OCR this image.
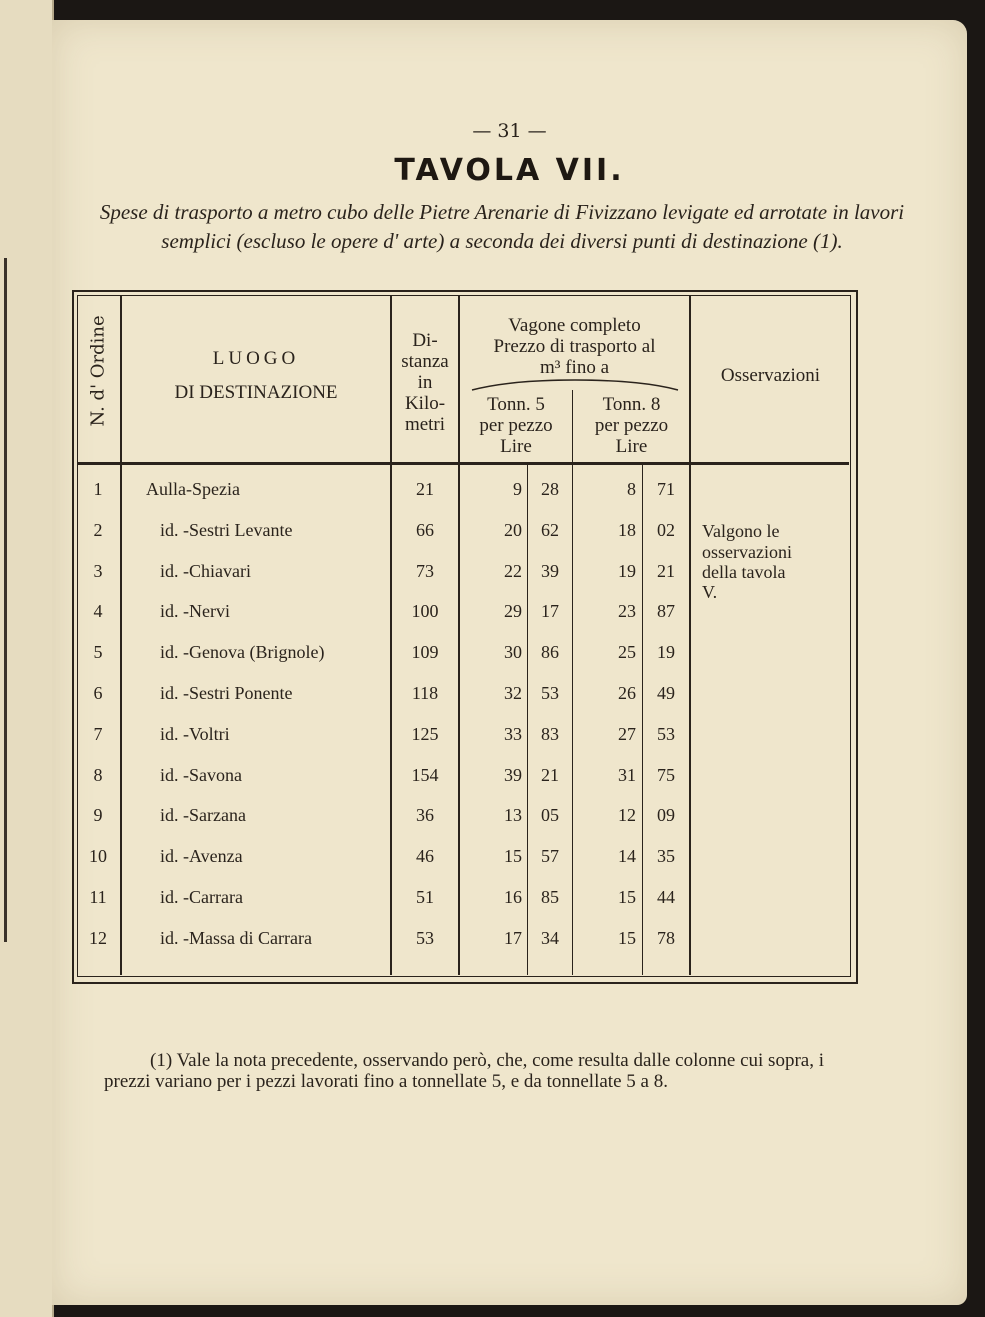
— 31 —
TAVOLA VII.
Spese di trasporto a metro cubo delle Pietre Arenarie di Fivizzano levigate ed arrotate in lavori semplici (escluso le opere d' arte) a seconda dei diversi punti di destinazione (1).
N. d' Ordine	LUOGO
DI DESTINAZIONE
Di-
stanza
in
Kilo-
metri
Vagone completo
Prezzo di trasporto al
m³ fino a
Tonn. 5
per pezzo
Lire
Tonn. 8
per pezzo
Lire
Osservazioni
1	Aulla-Spezia	21	9	28	8	71
2	id. -Sestri Levante	66	20	62	18	02
3	id. -Chiavari	73	22	39	19	21
4	id. -Nervi	100	29	17	23	87
5	id. -Genova (Brignole)	109	30	86	25	19
6	id. -Sestri Ponente	118	32	53	26	49
7	id. -Voltri	125	33	83	27	53
8	id. -Savona	154	39	21	31	75
9	id. -Sarzana	36	13	05	12	09
10	id. -Avenza	46	15	57	14	35
11	id. -Carrara	51	16	85	15	44
12	id. -Massa di Carrara	53	17	34	15	78
Valgono le
osservazioni
della tavola
V.
(1) Vale la nota precedente, osservando però, che, come resulta dalle colonne cui sopra, i prezzi variano per i pezzi lavorati fino a tonnellate 5, e da tonnellate 5 a 8.
